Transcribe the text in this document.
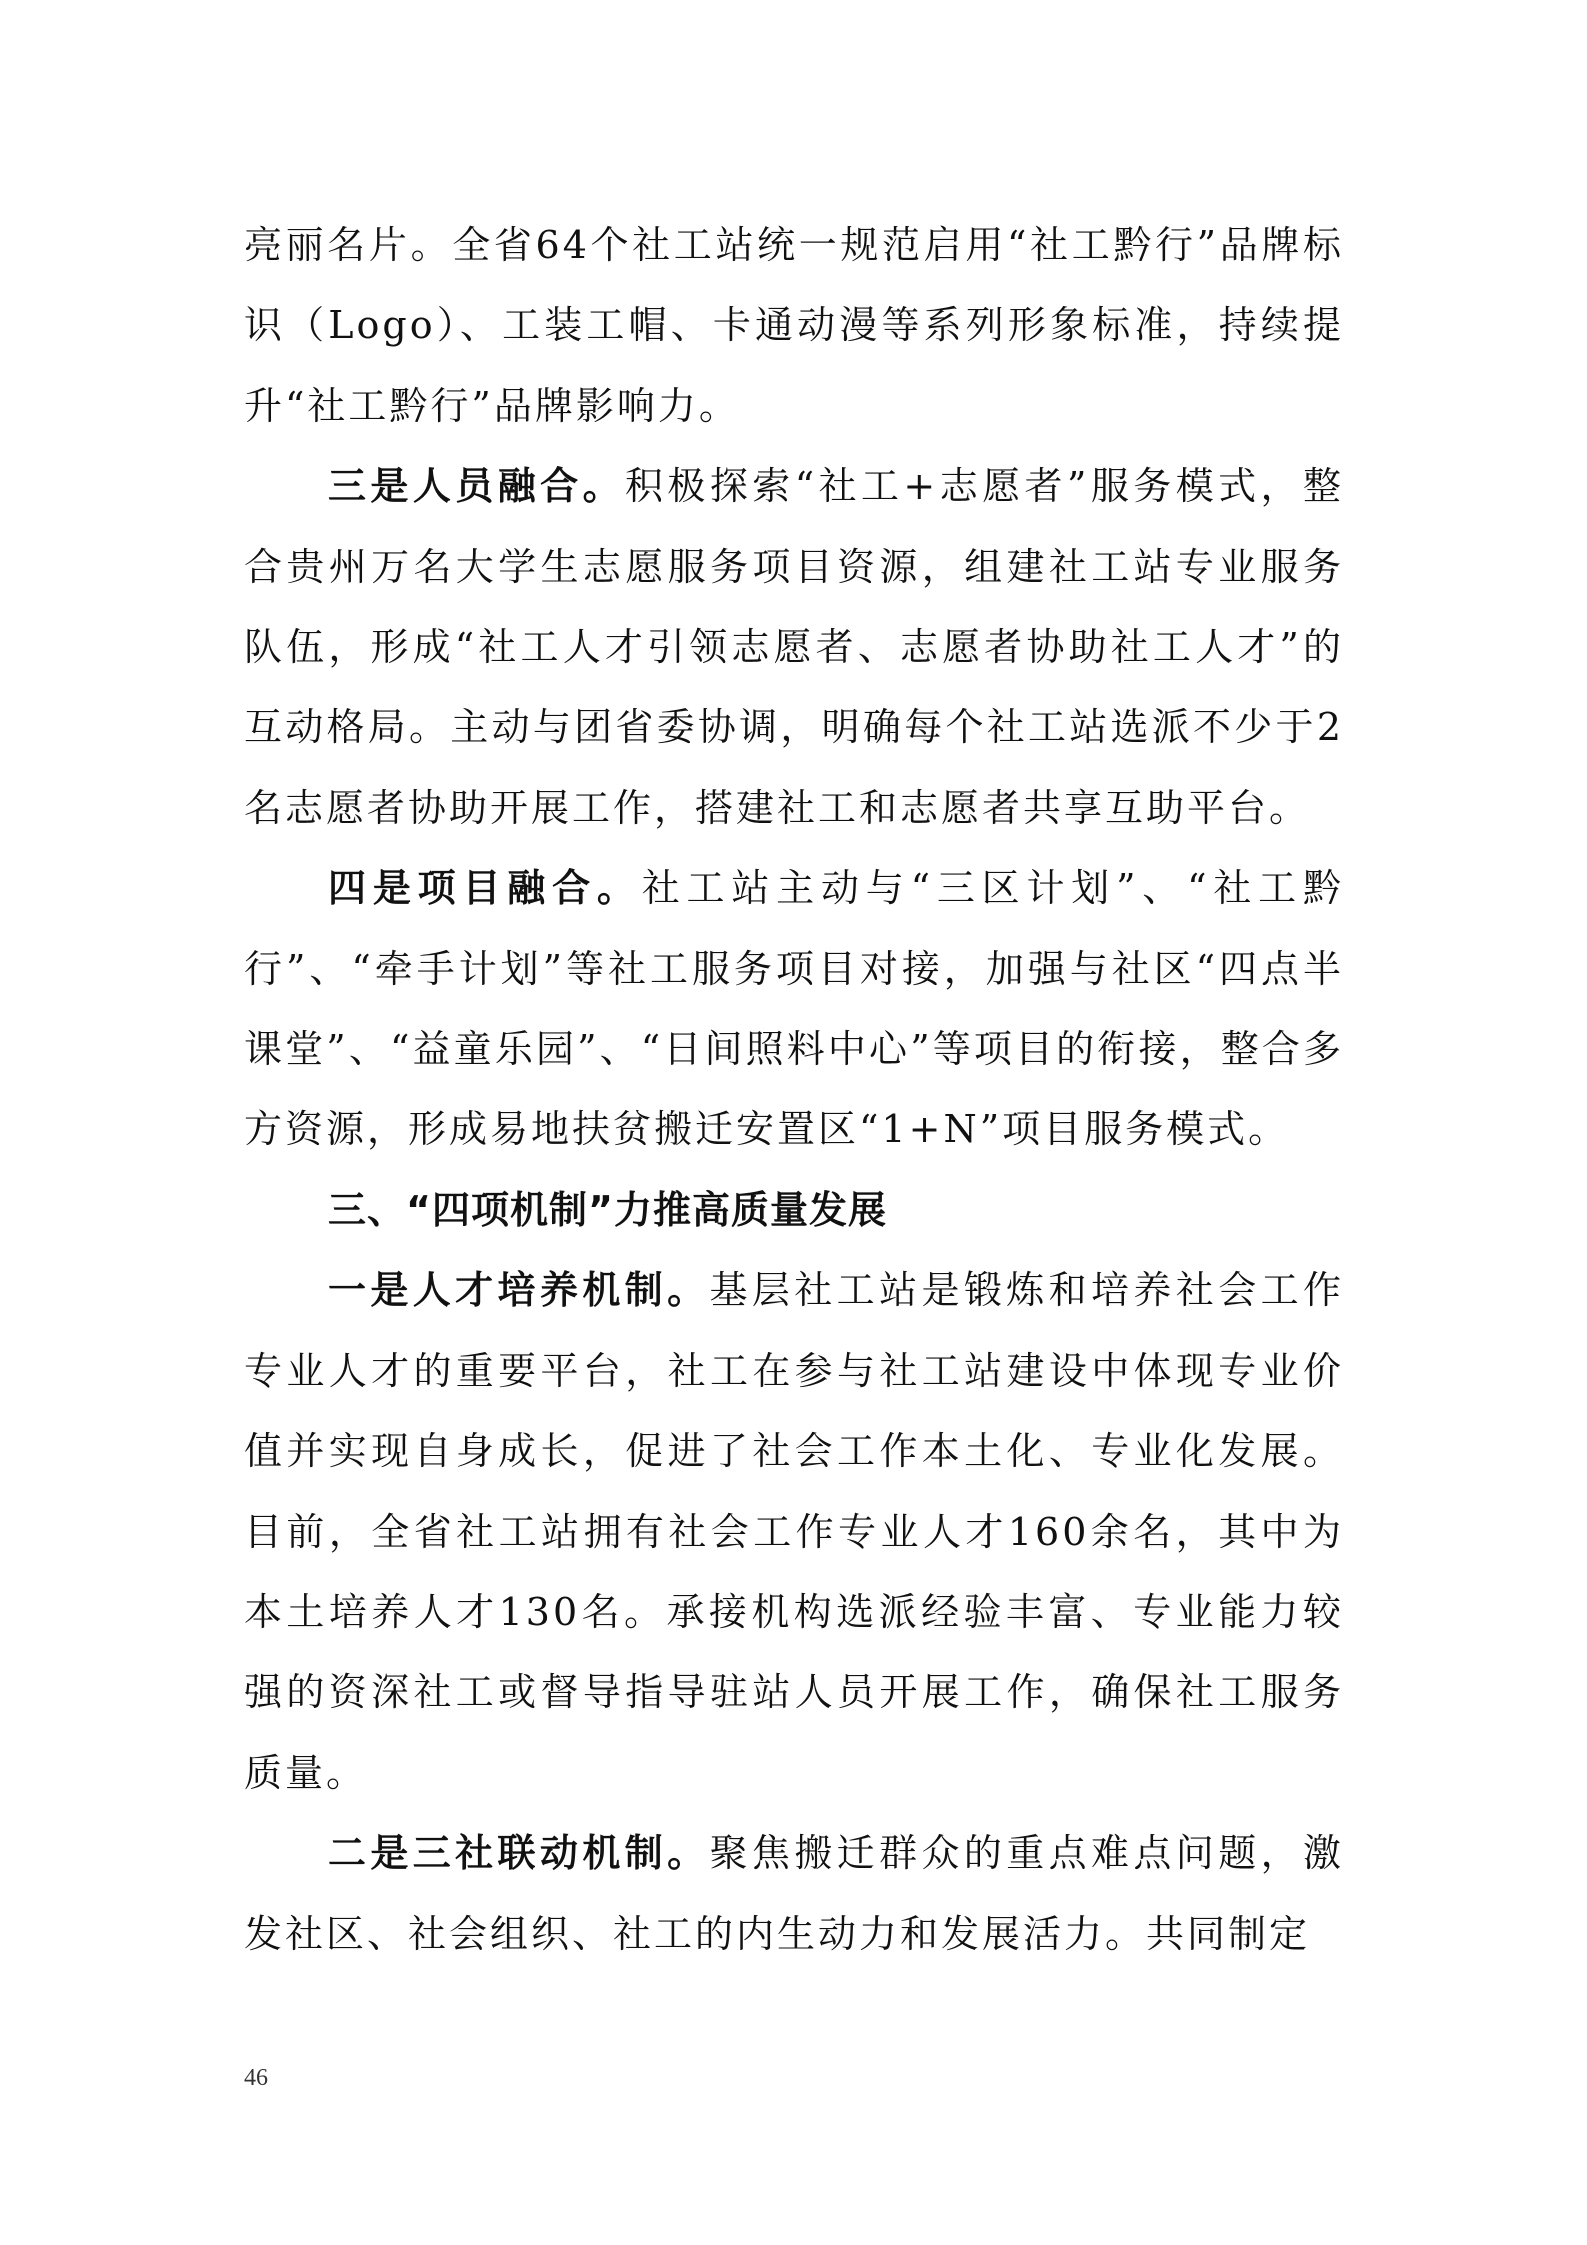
亮丽名片。全省64个社工站统一规范启用“社工黔行”品牌标识（Logo）、工装工帽、卡通动漫等系列形象标准，持续提升“社工黔行”品牌影响力。

三是人员融合。积极探索“社工+志愿者”服务模式，整合贵州万名大学生志愿服务项目资源，组建社工站专业服务队伍，形成“社工人才引领志愿者、志愿者协助社工人才”的互动格局。主动与团省委协调，明确每个社工站选派不少于2名志愿者协助开展工作，搭建社工和志愿者共享互助平台。

四是项目融合。社工站主动与“三区计划”、“社工黔行”、“牵手计划”等社工服务项目对接，加强与社区“四点半课堂”、“益童乐园”、“日间照料中心”等项目的衔接，整合多方资源，形成易地扶贫搬迁安置区“1+N”项目服务模式。

三、“四项机制”力推高质量发展

一是人才培养机制。基层社工站是锻炼和培养社会工作专业人才的重要平台，社工在参与社工站建设中体现专业价值并实现自身成长，促进了社会工作本土化、专业化发展。目前，全省社工站拥有社会工作专业人才160余名，其中为本土培养人才130名。承接机构选派经验丰富、专业能力较强的资深社工或督导指导驻站人员开展工作，确保社工服务质量。

二是三社联动机制。聚焦搬迁群众的重点难点问题，激发社区、社会组织、社工的内生动力和发展活力。共同制定

46
